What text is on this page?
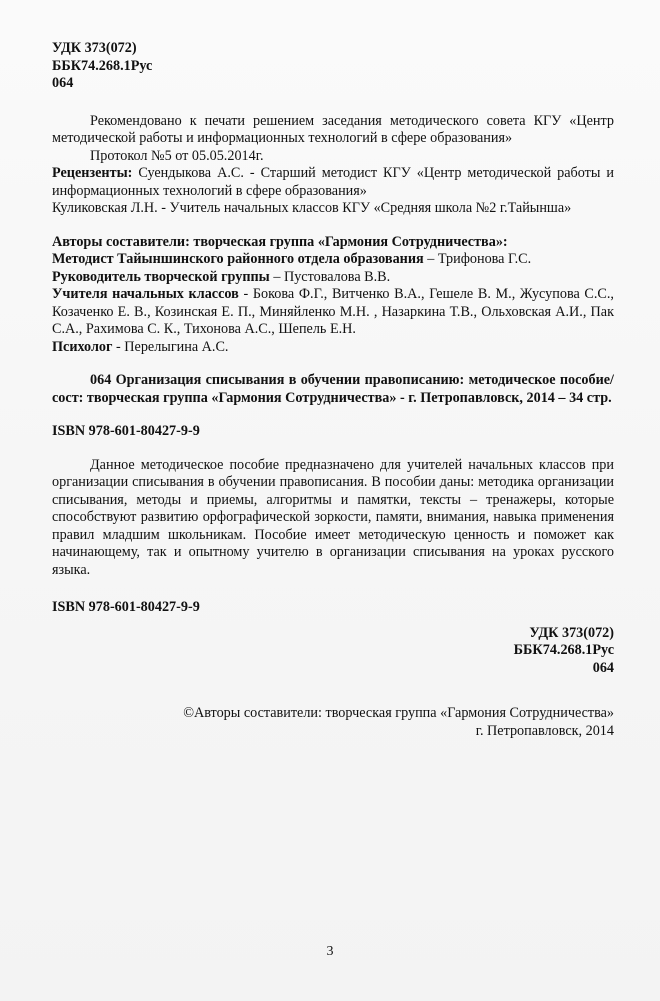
УДК 373(072)

ББК74.268.1Рус

064

Рекомендовано к печати решением заседания методического совета КГУ «Центр методической работы и информационных технологий в сфере образования»

Протокол №5 от 05.05.2014г.

Рецензенты: Суендыкова А.С. - Старший методист КГУ «Центр методической работы и информационных технологий в сфере образования»

Куликовская Л.Н. - Учитель начальных классов КГУ «Средняя школа №2 г.Тайынша»

Авторы составители: творческая группа «Гармония Сотрудничества»:

Методист Тайыншинского районного отдела образования – Трифонова Г.С.

Руководитель творческой группы – Пустовалова В.В.

Учителя начальных классов - Бокова Ф.Г., Витченко В.А., Гешеле В. М., Жусупова С.С., Козаченко Е. В., Козинская Е. П., Миняйленко М.Н. , Назаркина Т.В., Ольховская А.И., Пак С.А., Рахимова С. К., Тихонова А.С., Шепель Е.Н.

Психолог - Перелыгина А.С.

064 Организация списывания в обучении правописанию: методическое пособие/ сост: творческая группа «Гармония Сотрудничества» - г. Петропавловск, 2014 – 34 стр.

ISBN 978-601-80427-9-9

Данное методическое пособие предназначено для учителей начальных классов при организации списывания в обучении правописания. В пособии даны: методика организации списывания, методы и приемы, алгоритмы и памятки, тексты – тренажеры, которые способствуют развитию орфографической зоркости, памяти, внимания, навыка применения правил младшим школьникам. Пособие имеет методическую ценность и поможет как начинающему, так и опытному учителю в организации списывания на уроках русского языка.

ISBN 978-601-80427-9-9

УДК 373(072)

ББК74.268.1Рус

064

©Авторы составители: творческая группа «Гармония Сотрудничества»

г. Петропавловск, 2014

3
